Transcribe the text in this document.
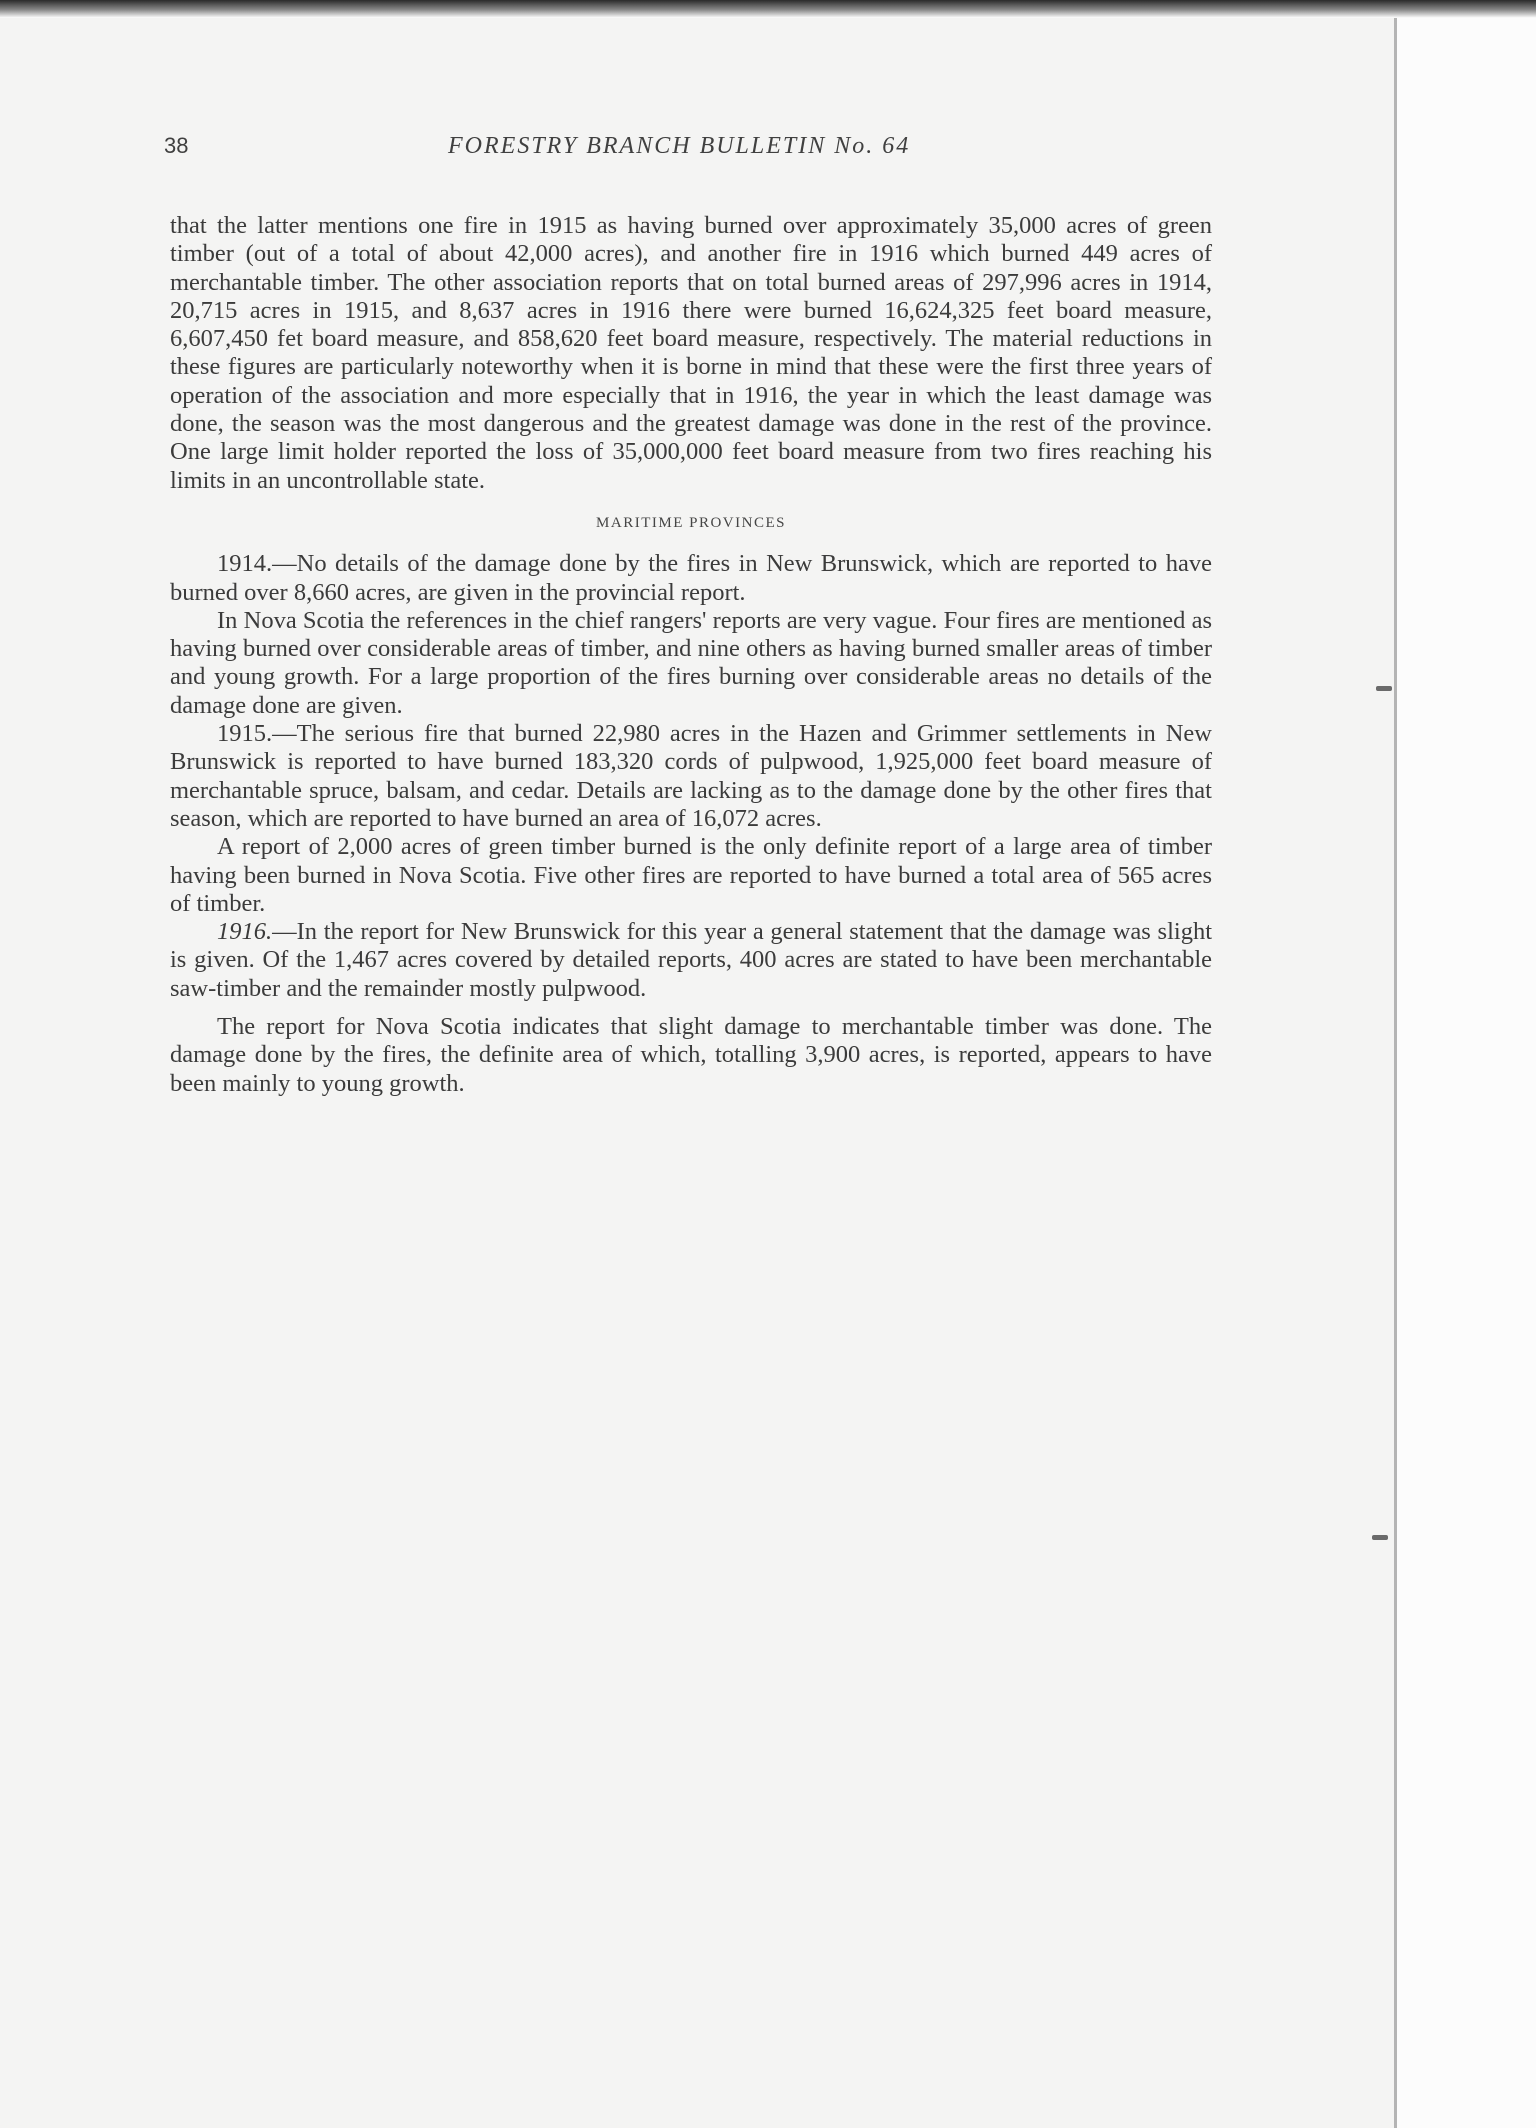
38	FORESTRY BRANCH BULLETIN No. 64

that the latter mentions one fire in 1915 as having burned over approximately 35,000 acres of green timber (out of a total of about 42,000 acres), and another fire in 1916 which burned 449 acres of merchantable timber. The other association reports that on total burned areas of 297,996 acres in 1914, 20,715 acres in 1915, and 8,637 acres in 1916 there were burned 16,624,325 feet board measure, 6,607,450 fet board measure, and 858,620 feet board measure, respectively. The material reductions in these figures are particularly noteworthy when it is borne in mind that these were the first three years of operation of the association and more especially that in 1916, the year in which the least damage was done, the season was the most dangerous and the greatest damage was done in the rest of the province. One large limit holder reported the loss of 35,000,000 feet board measure from two fires reaching his limits in an uncontrollable state.

MARITIME PROVINCES

1914.—No details of the damage done by the fires in New Brunswick, which are reported to have burned over 8,660 acres, are given in the provincial report.

In Nova Scotia the references in the chief rangers' reports are very vague. Four fires are mentioned as having burned over considerable areas of timber, and nine others as having burned smaller areas of timber and young growth. For a large proportion of the fires burning over considerable areas no details of the damage done are given.

1915.—The serious fire that burned 22,980 acres in the Hazen and Grimmer settlements in New Brunswick is reported to have burned 183,320 cords of pulpwood, 1,925,000 feet board measure of merchantable spruce, balsam, and cedar. Details are lacking as to the damage done by the other fires that season, which are reported to have burned an area of 16,072 acres.

A report of 2,000 acres of green timber burned is the only definite report of a large area of timber having been burned in Nova Scotia. Five other fires are reported to have burned a total area of 565 acres of timber.

1916.—In the report for New Brunswick for this year a general statement that the damage was slight is given. Of the 1,467 acres covered by detailed reports, 400 acres are stated to have been merchantable saw-timber and the remainder mostly pulpwood.

The report for Nova Scotia indicates that slight damage to merchantable timber was done. The damage done by the fires, the definite area of which, totalling 3,900 acres, is reported, appears to have been mainly to young growth.
